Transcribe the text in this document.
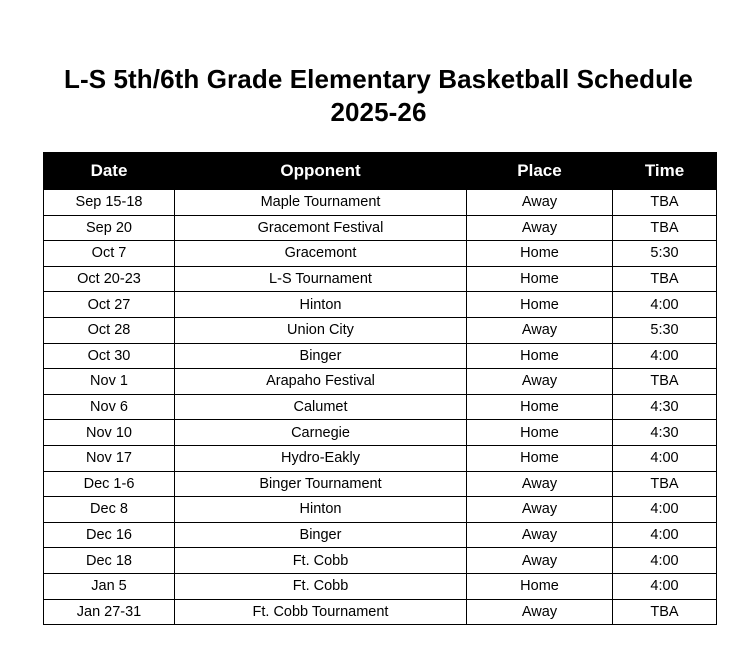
L-S 5th/6th Grade Elementary Basketball Schedule
2025-26
Date	Opponent	Place	Time
Sep 15-18	Maple Tournament	Away	TBA
Sep 20	Gracemont Festival	Away	TBA
Oct 7	Gracemont	Home	5:30
Oct 20-23	L-S Tournament	Home	TBA
Oct 27	Hinton	Home	4:00
Oct 28	Union City	Away	5:30
Oct 30	Binger	Home	4:00
Nov 1	Arapaho Festival	Away	TBA
Nov 6	Calumet	Home	4:30
Nov 10	Carnegie	Home	4:30
Nov 17	Hydro-Eakly	Home	4:00
Dec 1-6	Binger Tournament	Away	TBA
Dec 8	Hinton	Away	4:00
Dec 16	Binger	Away	4:00
Dec 18	Ft. Cobb	Away	4:00
Jan 5	Ft. Cobb	Home	4:00
Jan 27-31	Ft. Cobb Tournament	Away	TBA
